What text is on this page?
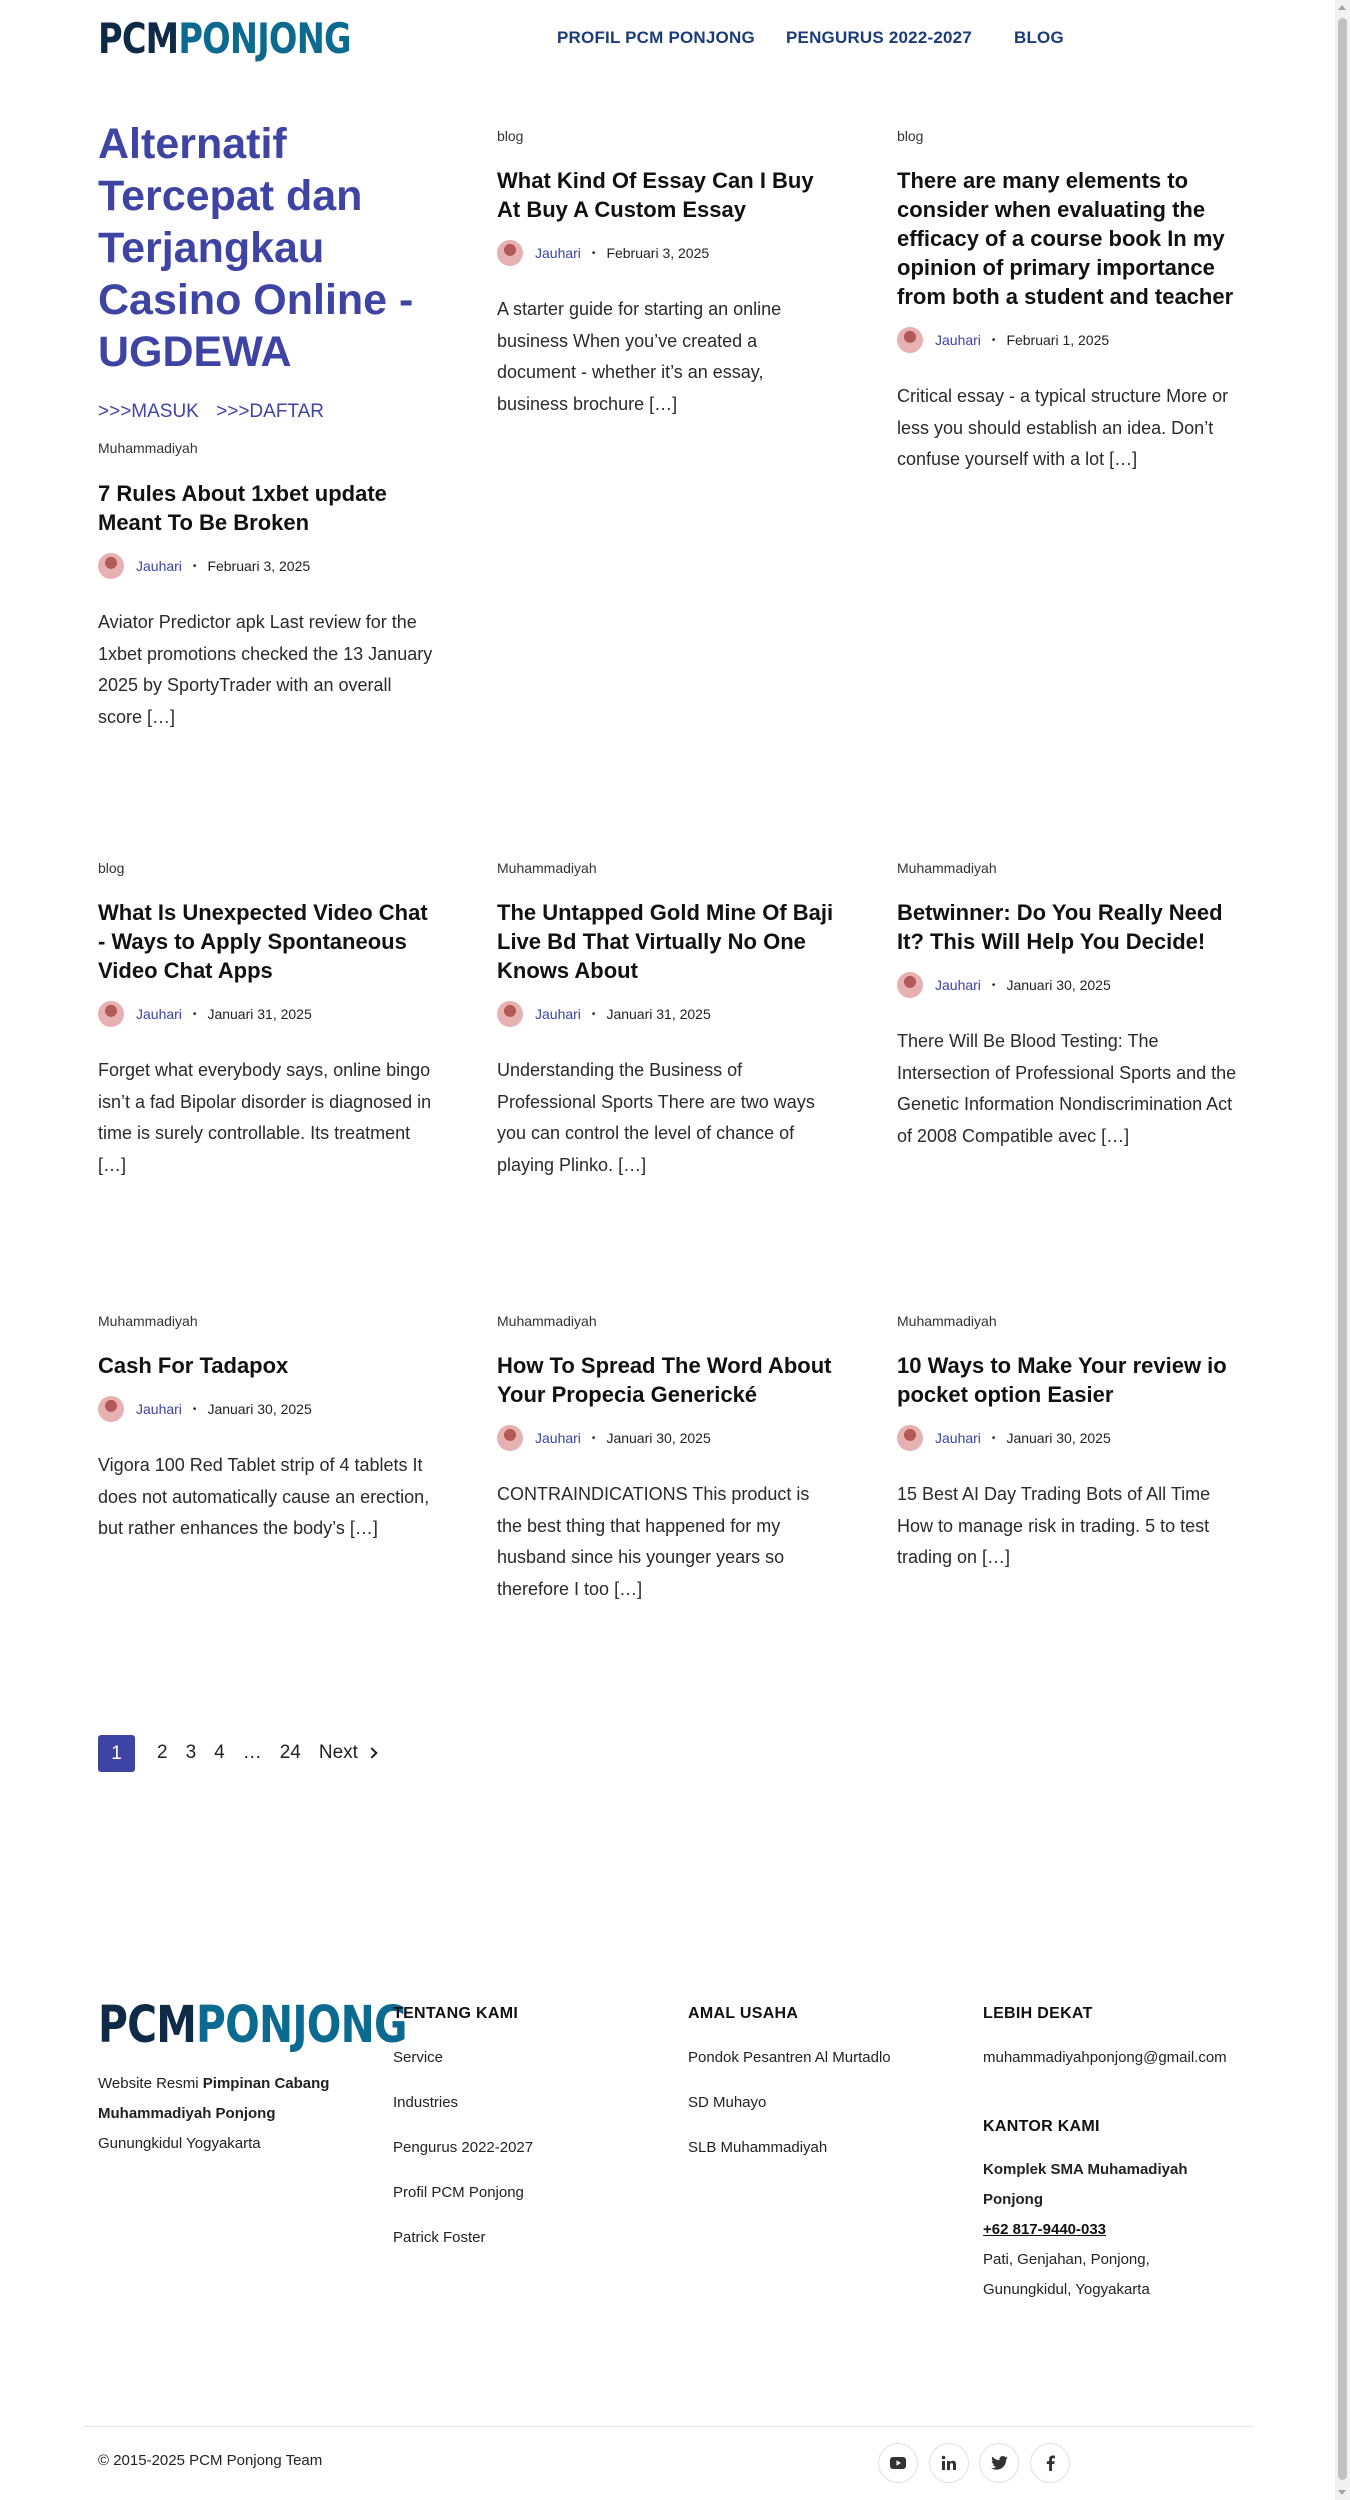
PCMPONJONG	PROFIL PCM PONJONG PENGURUS 2022-2027 BLOG
Alternatif Tercepat dan Terjangkau Casino Online - UGDEWA
>>>MASUK >>>DAFTAR
Muhammadiyah
7 Rules About 1xbet update Meant To Be Broken
Jauhari • Februari 3, 2025
Aviator Predictor apk Last review for the 1xbet promotions checked the 13 January 2025 by SportyTrader with an overall score […]
blog
What Kind Of Essay Can I Buy At Buy A Custom Essay
Jauhari • Februari 3, 2025
A starter guide for starting an online business When you’ve created a document - whether it’s an essay, business brochure […]
blog
There are many elements to consider when evaluating the efficacy of a course book In my opinion of primary importance from both a student and teacher
Jauhari • Februari 1, 2025
Critical essay - a typical structure More or less you should establish an idea. Don’t confuse yourself with a lot […]
blog
What Is Unexpected Video Chat - Ways to Apply Spontaneous Video Chat Apps
Jauhari • Januari 31, 2025
Forget what everybody says, online bingo isn’t a fad Bipolar disorder is diagnosed in time is surely controllable. Its treatment […]
Muhammadiyah
The Untapped Gold Mine Of Baji Live Bd That Virtually No One Knows About
Jauhari • Januari 31, 2025
Understanding the Business of Professional Sports There are two ways you can control the level of chance of playing Plinko. […]
Muhammadiyah
Betwinner: Do You Really Need It? This Will Help You Decide!
Jauhari • Januari 30, 2025
There Will Be Blood Testing: The Intersection of Professional Sports and the Genetic Information Nondiscrimination Act of 2008 Compatible avec […]
Muhammadiyah
Cash For Tadapox
Jauhari • Januari 30, 2025
Vigora 100 Red Tablet strip of 4 tablets It does not automatically cause an erection, but rather enhances the body’s […]
Muhammadiyah
How To Spread The Word About Your Propecia Generické
Jauhari • Januari 30, 2025
CONTRAINDICATIONS This product is the best thing that happened for my husband since his younger years so therefore I too […]
Muhammadiyah
10 Ways to Make Your review io pocket option Easier
Jauhari • Januari 30, 2025
15 Best AI Day Trading Bots of All Time How to manage risk in trading. 5 to test trading on […]
1	2 3 4 … 24 Next
PCMPONJONG
Website Resmi Pimpinan Cabang Muhammadiyah Ponjong
Gunungkidul Yogyakarta
TENTANG KAMI
Service
Industries
Pengurus 2022-2027
Profil PCM Ponjong
Patrick Foster
AMAL USAHA
Pondok Pesantren Al Murtadlo
SD Muhayo
SLB Muhammadiyah
LEBIH DEKAT
muhammadiyahponjong@gmail.com
KANTOR KAMI
Komplek SMA Muhamadiyah Ponjong
+62 817-9440-033
Pati, Genjahan, Ponjong, Gunungkidul, Yogyakarta
© 2015-2025 PCM Ponjong Team
